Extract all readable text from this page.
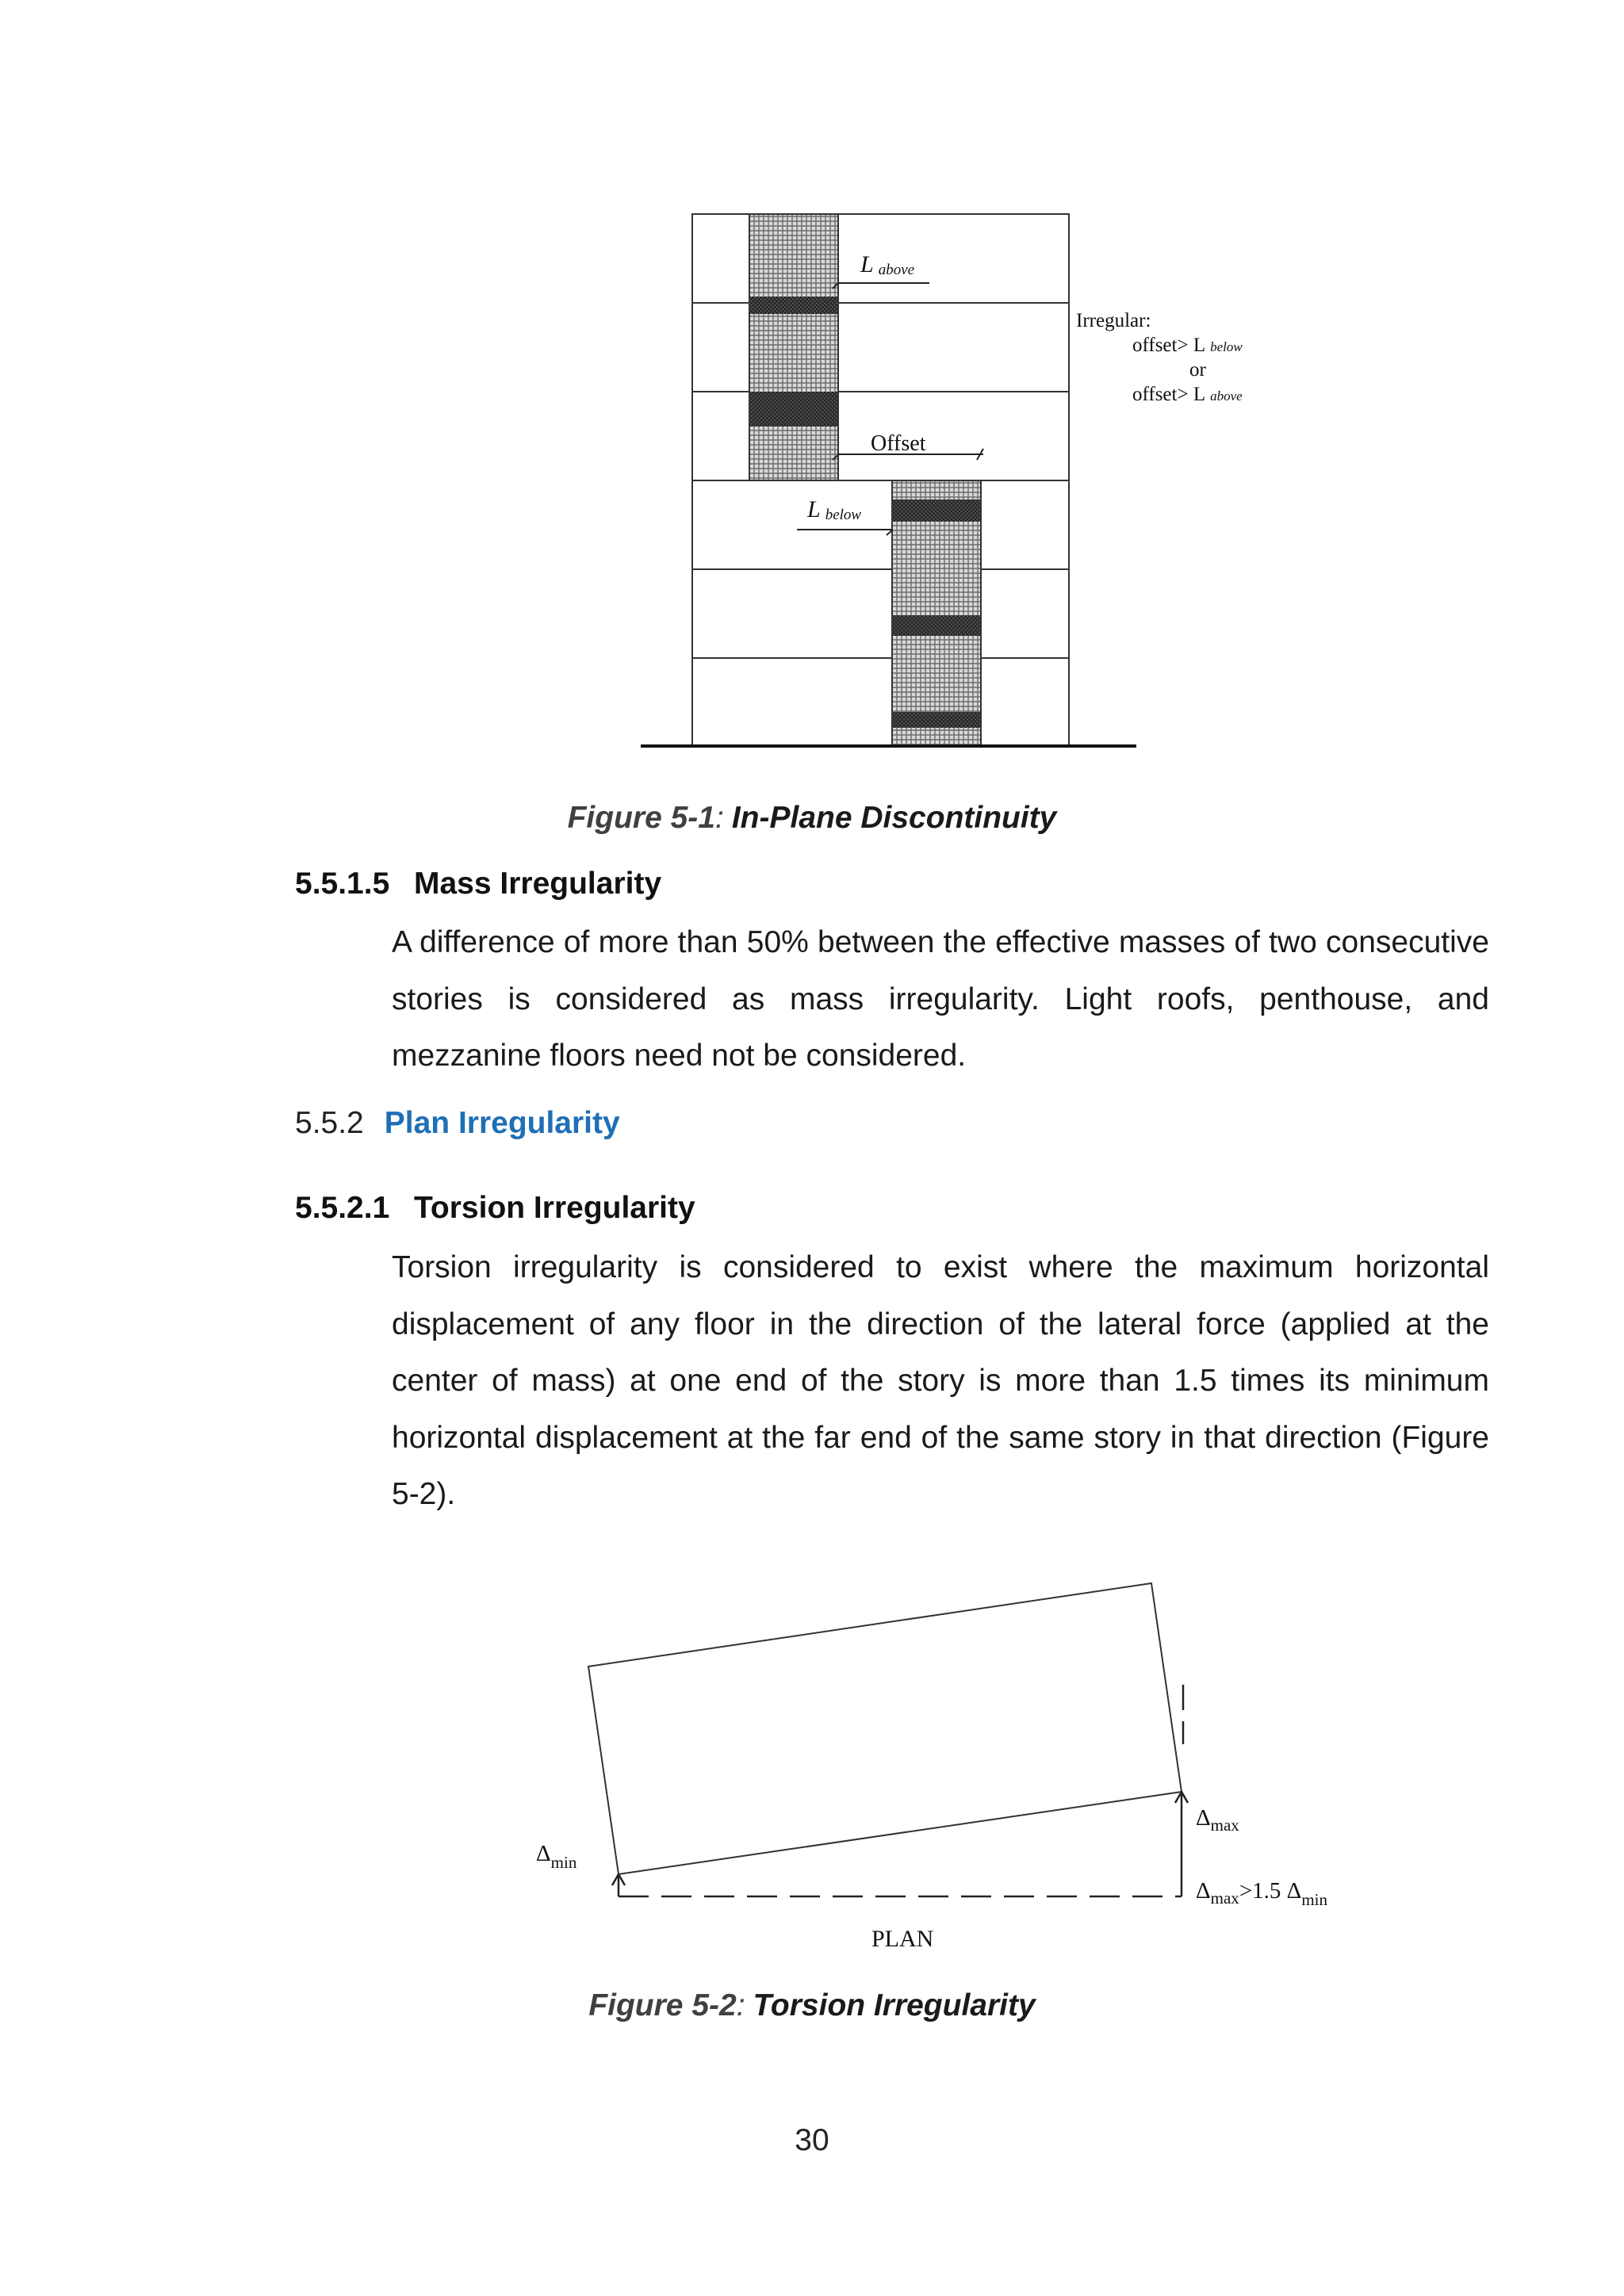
Labove
Offset
Lbelow
Irregular:
offset> L below
or
offset> L above
Figure 5-1: In-Plane Discontinuity
5.5.1.5 Mass Irregularity
A difference of more than 50% between the effective masses of two consecutive stories is considered as mass irregularity. Light roofs, penthouse, and mezzanine floors need not be considered.
5.5.2 Plan Irregularity
5.5.2.1 Torsion Irregularity
Torsion irregularity is considered to exist where the maximum horizontal displacement of any floor in the direction of the lateral force (applied at the center of mass) at one end of the story is more than 1.5 times its minimum horizontal displacement at the far end of the same story in that direction (Figure 5-2).
$\Delta_{min}$
$\Delta_{max}$
$\Delta_{max}>1.5$ $\Delta_{min}$
PLAN
Figure 5-2: Torsion Irregularity
30
